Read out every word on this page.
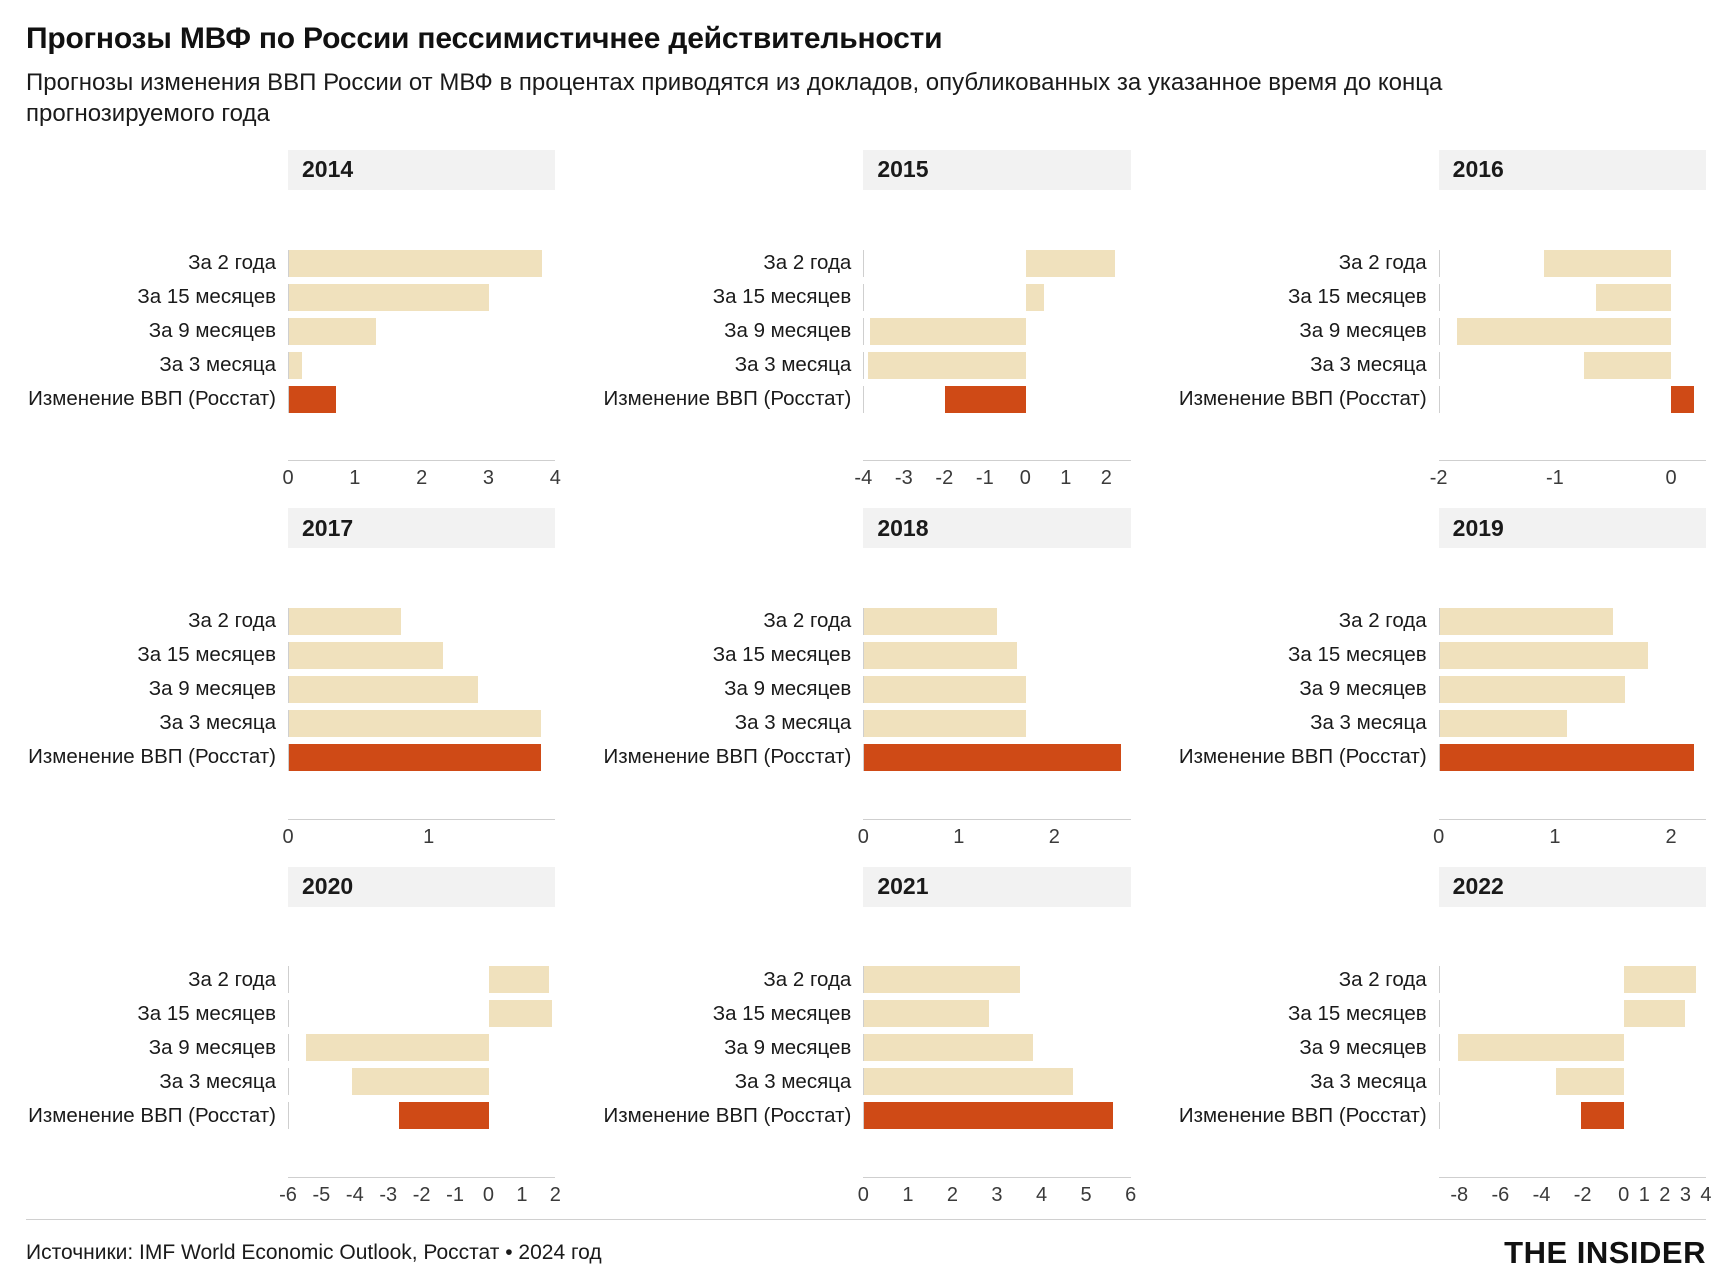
Прогнозы МВФ по России пессимистичнее действительности
Прогнозы изменения ВВП России от МВФ в процентах приводятся из докладов, опубликованных за указанное время до конца прогнозируемого года
2014
За 2 года
За 15 месяцев
За 9 месяцев
За 3 месяца
Изменение ВВП (Росстат)
0	1	2	3	4
2015
За 2 года
За 15 месяцев
За 9 месяцев
За 3 месяца
Изменение ВВП (Росстат)
-4 -3 -2 -1 0 1 2
2016
За 2 года
За 15 месяцев
За 9 месяцев
За 3 месяца
Изменение ВВП (Росстат)
-2	-1	0
2017
За 2 года
За 15 месяцев
За 9 месяцев
За 3 месяца
Изменение ВВП (Росстат)
0	1
2018
За 2 года
За 15 месяцев
За 9 месяцев
За 3 месяца
Изменение ВВП (Росстат)
0	1	2
2019
За 2 года
За 15 месяцев
За 9 месяцев
За 3 месяца
Изменение ВВП (Росстат)
0	1	2
2020
За 2 года
За 15 месяцев
За 9 месяцев
За 3 месяца
Изменение ВВП (Росстат)
-6 -5 -4 -3 -2 -1 0 1 2
2021
За 2 года
За 15 месяцев
За 9 месяцев
За 3 месяца
Изменение ВВП (Росстат)
0 1 2 3 4 5 6
2022
За 2 года
За 15 месяцев
За 9 месяцев
За 3 месяца
Изменение ВВП (Росстат)
-8 -6 -4 -2 0 1 2 3 4
Источники: IMF World Economic Outlook, Росстат • 2024 год	THE INSIDER
